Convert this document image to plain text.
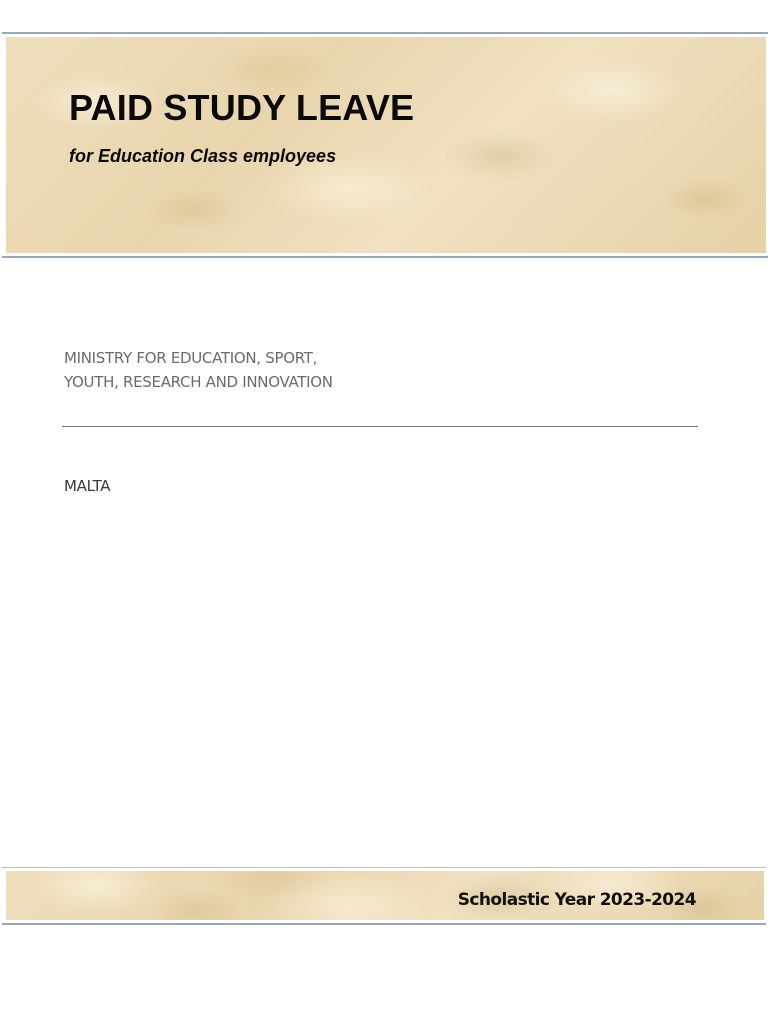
PAID STUDY LEAVE
for Education Class employees
MINISTRY FOR EDUCATION, SPORT,
YOUTH, RESEARCH AND INNOVATION
MALTA
Scholastic Year 2023-2024
